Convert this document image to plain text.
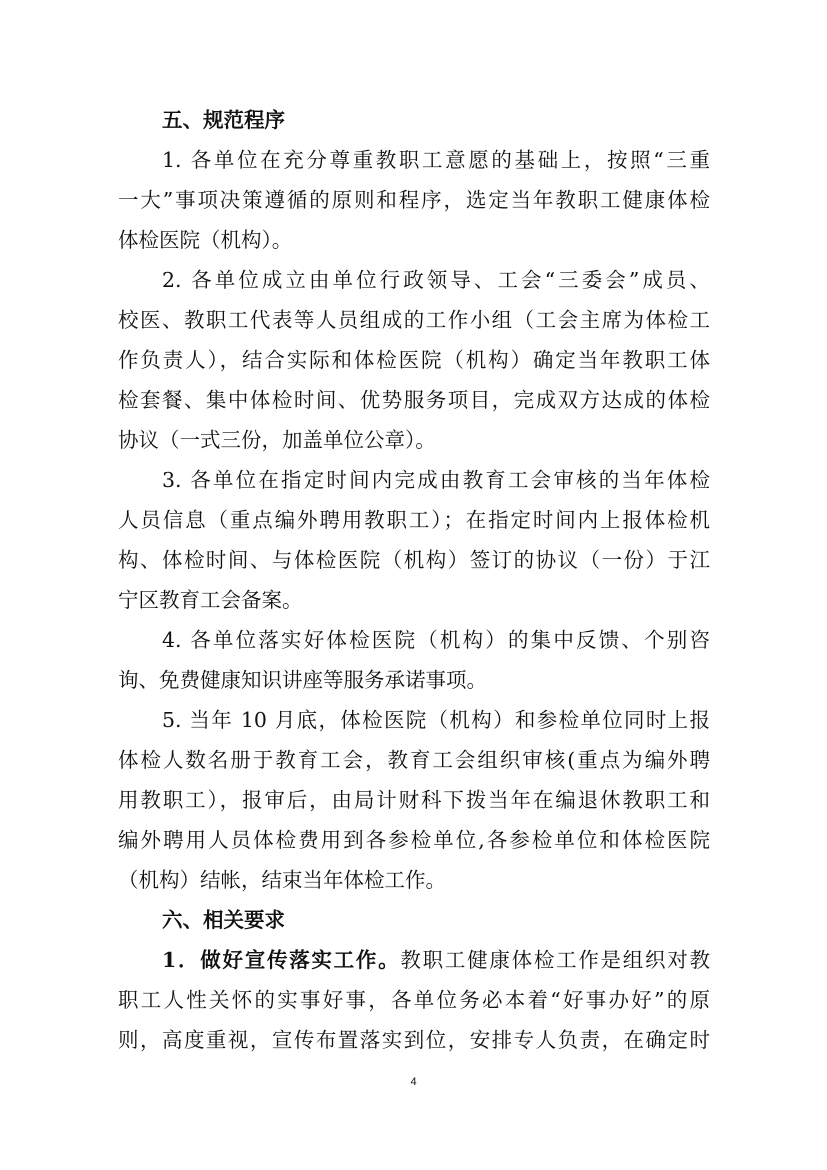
五、规范程序
1. 各单位在充分尊重教职工意愿的基础上，按照“三重
一大”事项决策遵循的原则和程序，选定当年教职工健康体检
体检医院（机构）。
2. 各单位成立由单位行政领导、工会“三委会”成员、
校医、教职工代表等人员组成的工作小组（工会主席为体检工
作负责人），结合实际和体检医院（机构）确定当年教职工体
检套餐、集中体检时间、优势服务项目，完成双方达成的体检
协议（一式三份，加盖单位公章）。
3. 各单位在指定时间内完成由教育工会审核的当年体检
人员信息（重点编外聘用教职工）；在指定时间内上报体检机
构、体检时间、与体检医院（机构）签订的协议（一份）于江
宁区教育工会备案。
4. 各单位落实好体检医院（机构）的集中反馈、个别咨
询、免费健康知识讲座等服务承诺事项。
5. 当年 10 月底，体检医院（机构）和参检单位同时上报
体检人数名册于教育工会，教育工会组织审核(重点为编外聘
用教职工），报审后，由局计财科下拨当年在编退休教职工和
编外聘用人员体检费用到各参检单位,各参检单位和体检医院
（机构）结帐，结束当年体检工作。
六、相关要求
1．做好宣传落实工作。教职工健康体检工作是组织对教
职工人性关怀的实事好事，各单位务必本着“好事办好”的原
则，高度重视，宣传布置落实到位，安排专人负责，在确定时
4
